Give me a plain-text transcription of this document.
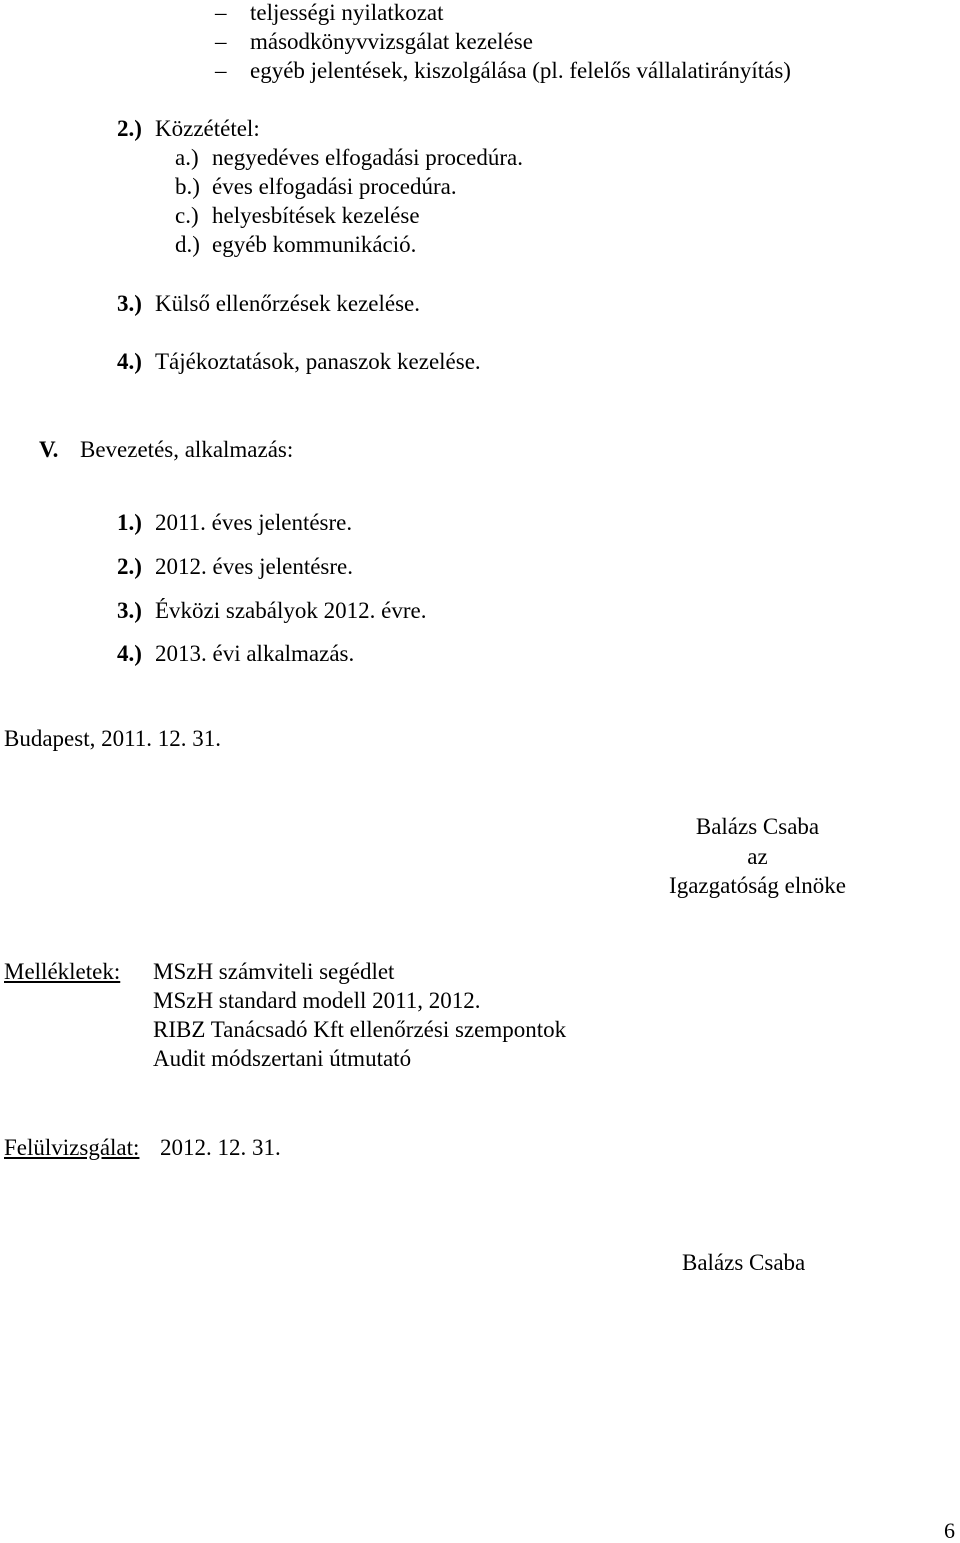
– teljességi nyilatkozat
– másodkönyvvizsgálat kezelése
– egyéb jelentések, kiszolgálása (pl. felelős vállalatirányítás)
2.) Közzététel:
a.) negyedéves elfogadási procedúra.
b.) éves elfogadási procedúra.
c.) helyesbítések kezelése
d.) egyéb kommunikáció.
3.) Külső ellenőrzések kezelése.
4.) Tájékoztatások, panaszok kezelése.
V. Bevezetés, alkalmazás:
1.) 2011. éves jelentésre.
2.) 2012. éves jelentésre.
3.) Évközi szabályok 2012. évre.
4.) 2013. évi alkalmazás.
Budapest, 2011. 12. 31.
Balázs Csaba
az
Igazgatóság elnöke
Mellékletek: MSzH számviteli segédlet
MSzH standard modell 2011, 2012.
RIBZ Tanácsadó Kft ellenőrzési szempontok
Audit módszertani útmutató
Felülvizsgálat: 2012. 12. 31.
Balázs Csaba
6
